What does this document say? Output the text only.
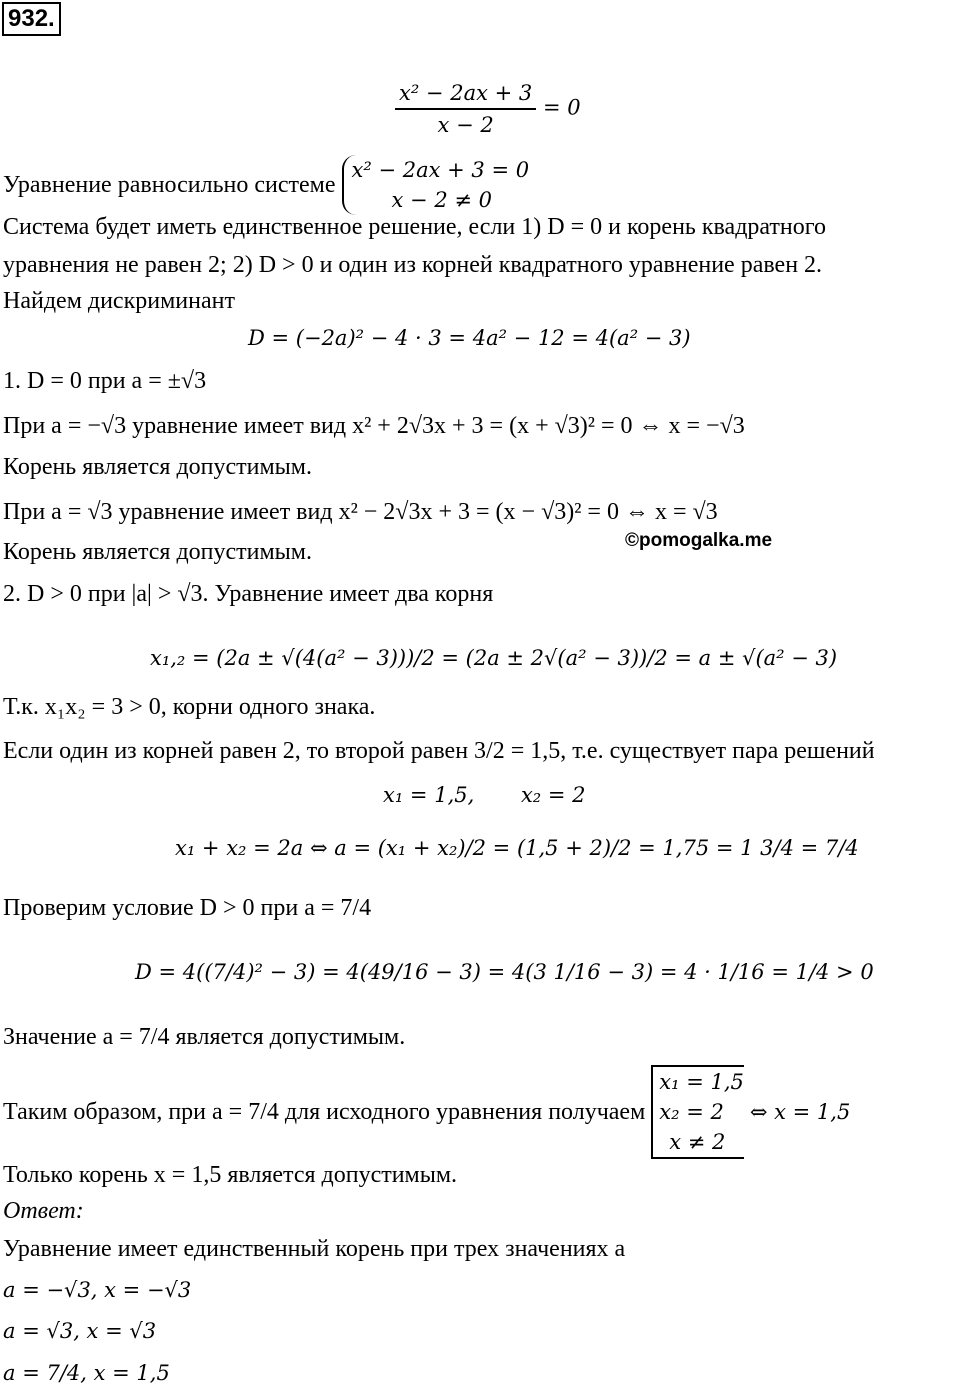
932.
$\frac{\text{x² − 2ax + 3}}{x - 2} = 0$
Уравнение равносильно системе x² − 2ax + 3 = 0
x − 2 ≠ 0
Система будет иметь единственное решение, если 1) D = 0 и корень квадратного
уравнения не равен 2; 2) D > 0 и один из корней квадратного уравнение равен 2.
Найдем дискриминант
D = (−2a)² − 4 · 3 = 4a² − 12 = 4(a² − 3)
1. D = 0 при a = ±√3
При a = −√3 уравнение имеет вид x² + 2√3x + 3 = (x + √3)² = 0 ⇔ x = −√3
Корень является допустимым.
При a = √3 уравнение имеет вид x² − 2√3x + 3 = (x − √3)² = 0 ⇔ x = √3
Корень является допустимым.	©pomogalka.me
2. D > 0 при |a| > √3. Уравнение имеет два корня
x₁,₂ = (2a ± √(4(a² − 3)))/2 = (2a ± 2√(a² − 3))/2 = a ± √(a² − 3)
Т.к. x₁x₂ = 3 > 0, корни одного знака.
Если один из корней равен 2, то второй равен 3/2 = 1,5, т.е. существует пара решений
x₁ = 1,5, x₂ = 2
x₁ + x₂ = 2a ⇔ a = (x₁ + x₂)/2 = (1,5 + 2)/2 = 1,75 = 1 3/4 = 7/4
Проверим условие D > 0 при a = 7/4
D = 4((7/4)² − 3) = 4(49/16 − 3) = 4(3 1/16 − 3) = 4 · 1/16 = 1/4 > 0
Значение a = 7/4 является допустимым.
Таким образом, при a = 7/4 для исходного уравнения получаем x₁ = 1,5
x₂ = 2
x ≠ 2 ⇔ x = 1,5
Только корень x = 1,5 является допустимым.
Ответ:
Уравнение имеет единственный корень при трех значениях a
a = −√3, x = −√3
a = √3, x = √3
a = 7/4, x = 1,5
